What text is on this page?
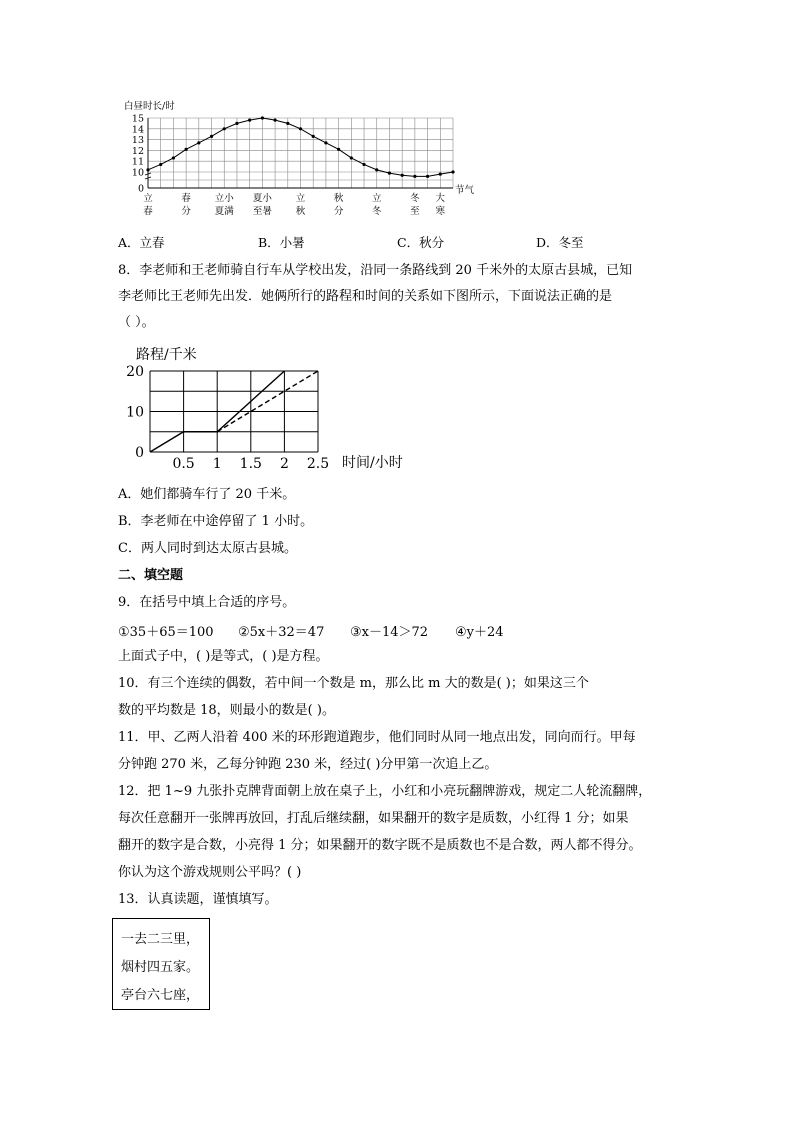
白昼时长/时
15
14
13
12
11
10
0
立	春	立小 夏小	立	秋	立	冬 大
春	分	夏满 至暑	秋	分	冬	至 寒
节气
A．立春	B．小暑	C．秋分	D．冬至
8．李老师和王老师骑自行车从学校出发，沿同一条路线到 20 千米外的太原古县城，已知
李老师比王老师先出发．她俩所行的路程和时间的关系如下图所示，下面说法正确的是
（ ）。
路程/千米
20
10
0
0.5 1 1.5 2 2.5 时间/小时
A．她们都骑车行了 20 千米。
B．李老师在中途停留了 1 小时。
C．两人同时到达太原古县城。
二、填空题
9．在括号中填上合适的序号。
①35＋65＝100 ②5x＋32＝47 ③x－14＞72 ④y＋24
上面式子中，( )是等式，( )是方程。
10．有三个连续的偶数，若中间一个数是 m，那么比 m 大的数是( )；如果这三个
数的平均数是 18，则最小的数是( )。
11．甲、乙两人沿着 400 米的环形跑道跑步，他们同时从同一地点出发，同向而行。甲每
分钟跑 270 米，乙每分钟跑 230 米，经过( )分甲第一次追上乙。
12．把 1~9 九张扑克牌背面朝上放在桌子上，小红和小亮玩翻牌游戏，规定二人轮流翻牌，
每次任意翻开一张牌再放回，打乱后继续翻，如果翻开的数字是质数，小红得 1 分；如果
翻开的数字是合数，小亮得 1 分；如果翻开的数字既不是质数也不是合数，两人都不得分。
你认为这个游戏规则公平吗？( )
13．认真读题，谨慎填写。
一去二三里，
烟村四五家。
亭台六七座，
